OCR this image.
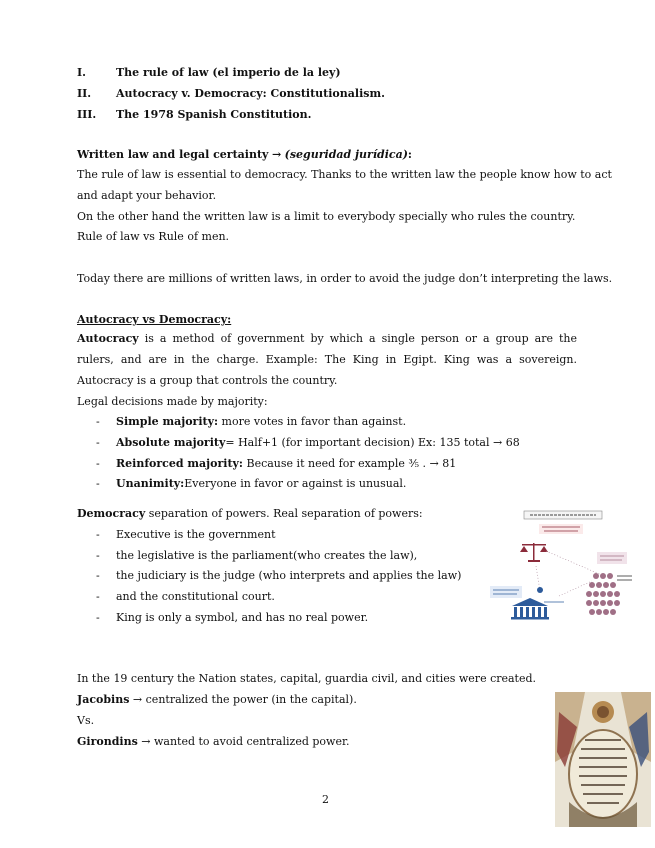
I.	The rule of law (el imperio de la ley)
II. Autocracy v. Democracy: Constitutionalism.
III. The 1978 Spanish Constitution.
Written law and legal certainty → (seguridad jurídica):
The rule of law is essential to democracy. Thanks to the written law the people know how to act
and adapt your behavior.
On the other hand the written law is a limit to everybody specially who rules the country.
Rule of law vs Rule of men.
Today there are millions of written laws, in order to avoid the judge don’t interpreting the laws.
Autocracy vs Democracy:
Autocracy is a method of government by which a single person or a group are the rulers, and are in the charge. Example: The King in Egipt. King was a sovereign. Autocracy is a group that controls the country.
Legal decisions made by majority:
- Simple majority: more votes in favor than against.
- Absolute majority= Half+1 (for important decision) Ex: 135 total → 68
- Reinforced majority: Because it need for example ⅗ . → 81
- Unanimity:Everyone in favor or against is unusual.
Democracy separation of powers. Real separation of powers:
- Executive is the government
- the legislative is the parliament(who creates the law),
- the judiciary is the judge (who interprets and applies the law)
- and the constitutional court.
- King is only a symbol, and has no real power.
In the 19 century the Nation states, capital, guardia civil, and cities were created.
Jacobins → centralized the power (in the capital).
Vs.
Girondins → wanted to avoid centralized power.
2
